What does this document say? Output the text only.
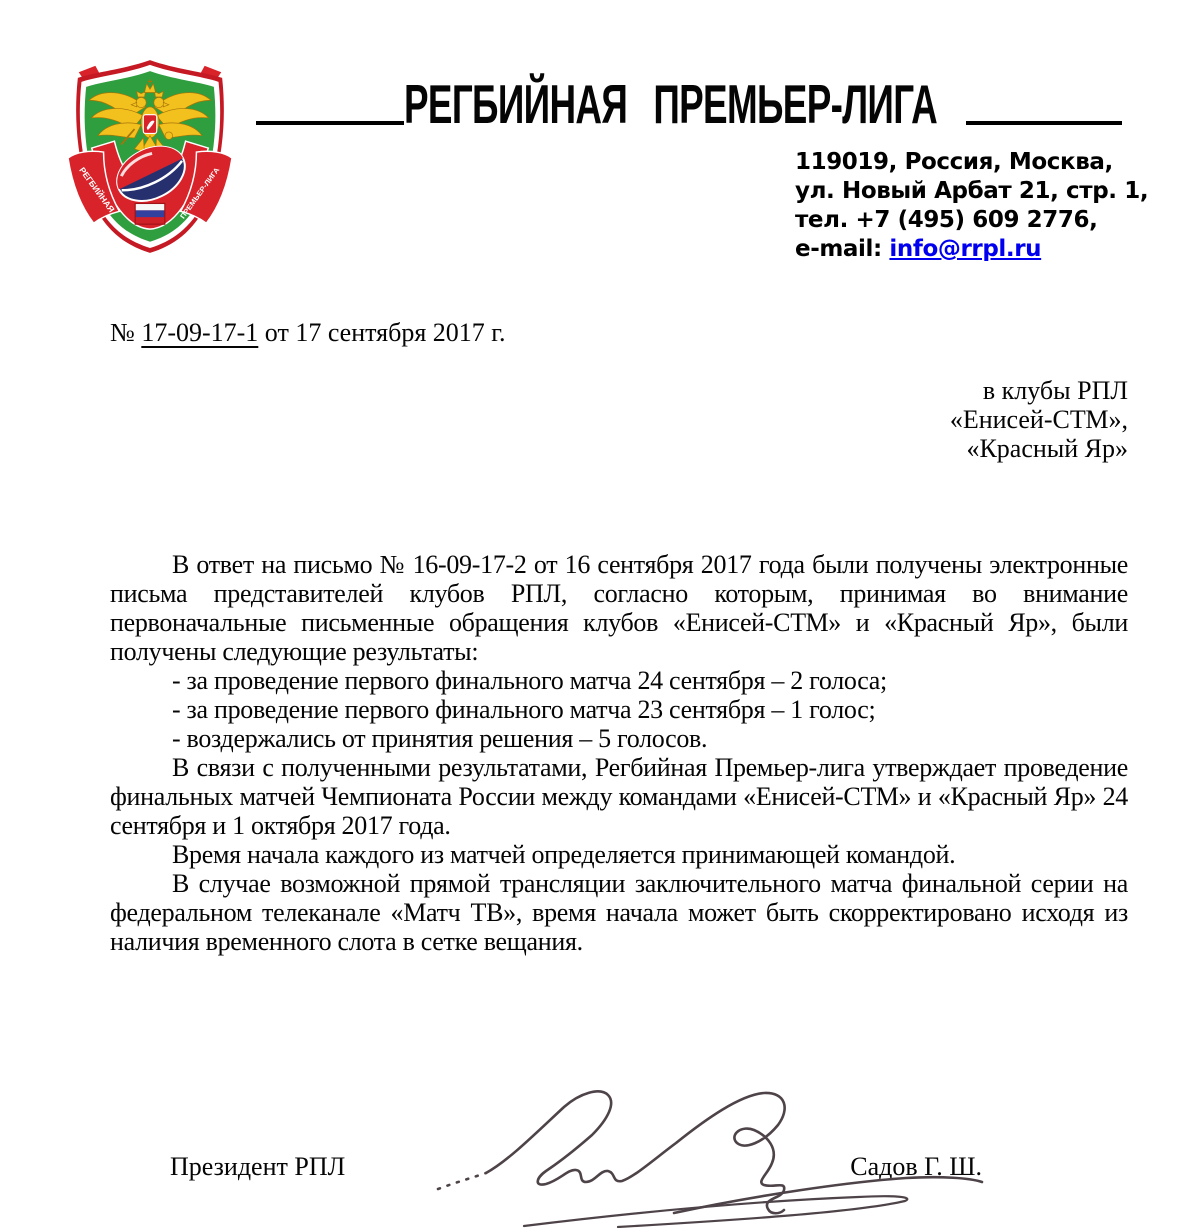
РЕГБИЙНАЯ	ПРЕМЬЕР-ЛИГА
РЕГБИЙНАЯ ПРЕМЬЕР-ЛИГА
119019, Россия, Москва,
ул. Новый Арбат 21, стр. 1,
тел. +7 (495) 609 2776,
e-mail: info@rrpl.ru
№ 17-09-17-1 от 17 сентября 2017 г.
в клубы РПЛ
«Енисей-СТМ»,
«Красный Яр»

В ответ на письмо № 16-09-17-2 от 16 сентября 2017 года были получены электронные письма представителей клубов РПЛ, согласно которым, принимая во внимание первоначальные письменные обращения клубов «Енисей-СТМ» и «Красный Яр», были получены следующие результаты:

- за проведение первого финального матча 24 сентября – 2 голоса;
- за проведение первого финального матча 23 сентября – 1 голос;
- воздержались от принятия решения – 5 голосов.

В связи с полученными результатами, Регбийная Премьер-лига утверждает проведение финальных матчей Чемпионата России между командами «Енисей-СТМ» и «Красный Яр» 24 сентября и 1 октября 2017 года.

Время начала каждого из матчей определяется принимающей командой.

В случае возможной прямой трансляции заключительного матча финальной серии на федеральном телеканале «Матч ТВ», время начала может быть скорректировано исходя из наличия временного слота в сетке вещания.

Президент РПЛ	Садов Г. Ш.
